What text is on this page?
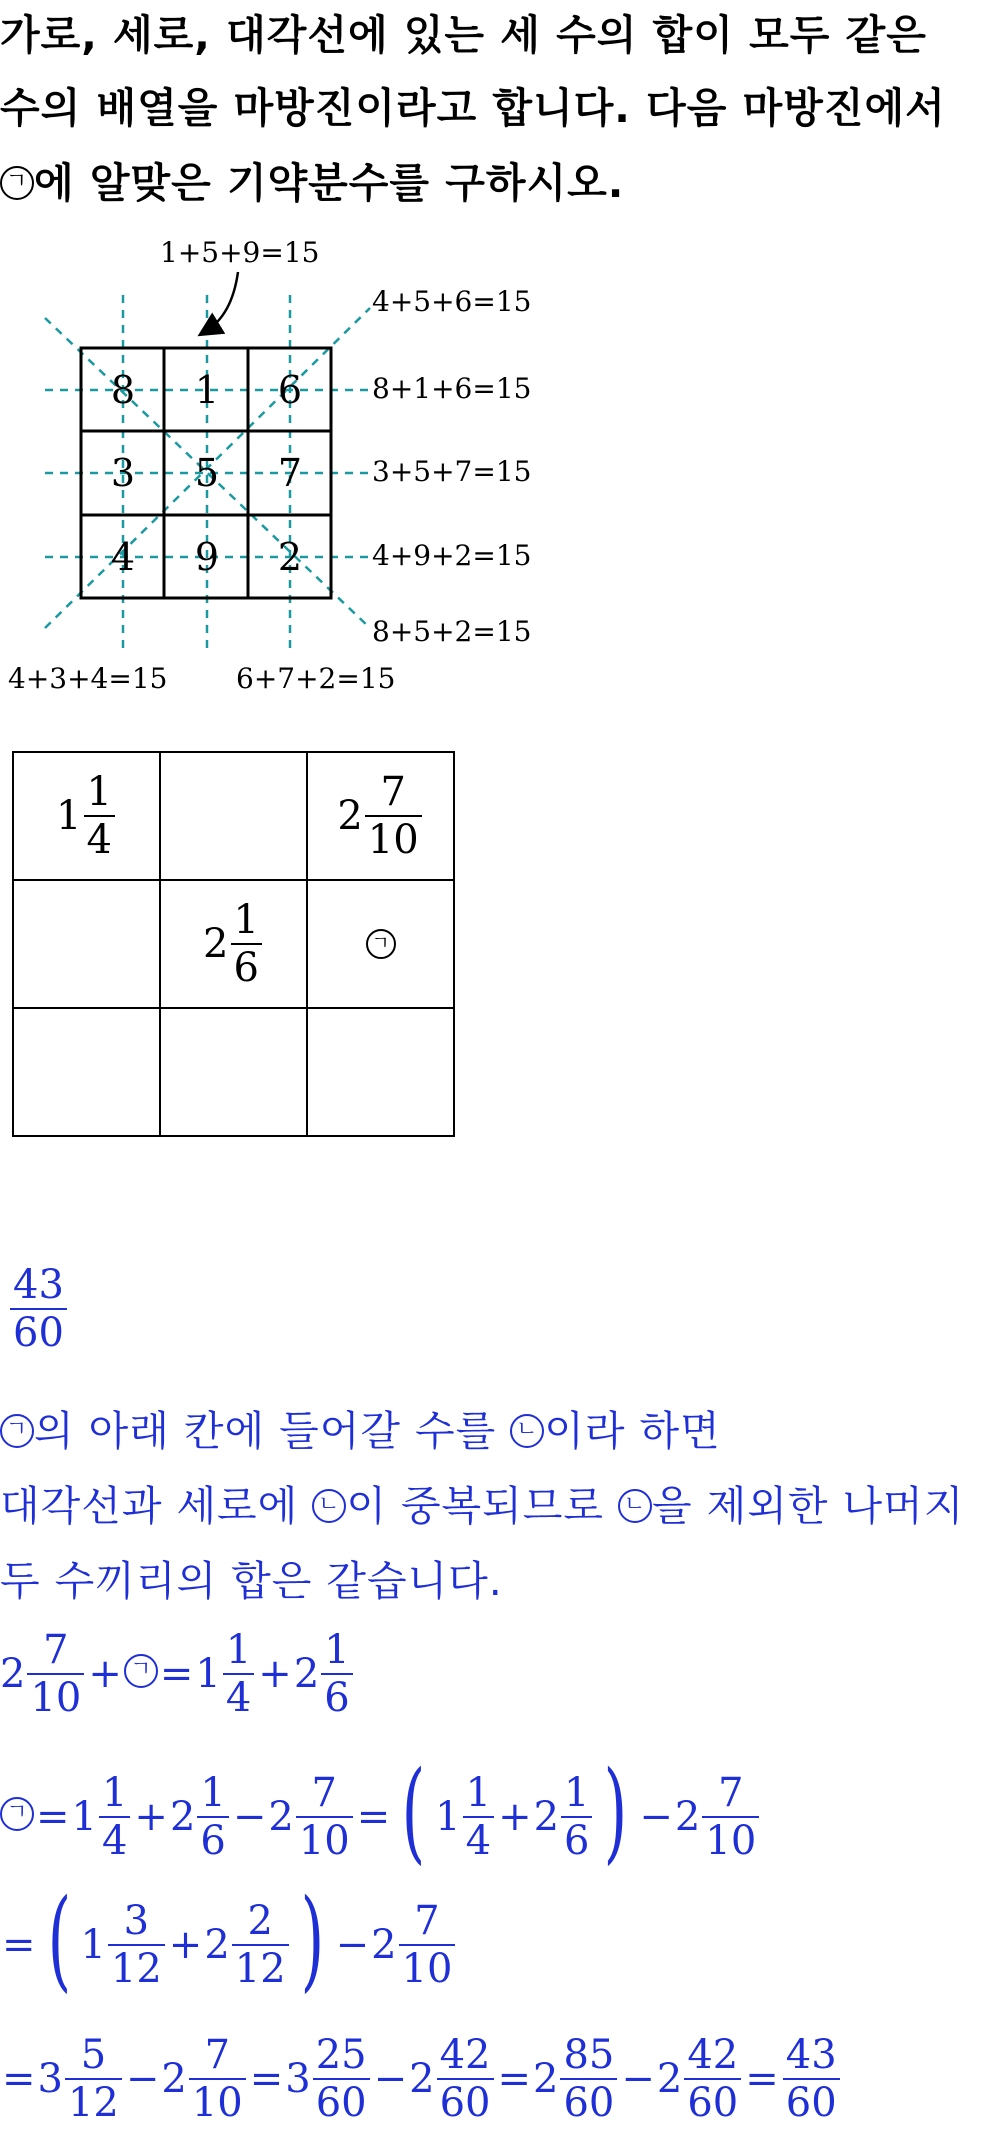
가로, 세로, 대각선에 있는 세 수의 합이 모두 같은
수의 배열을 마방진이라고 합니다. 다음 마방진에서
ㄱ 에 알맞은 기약분수를 구하시오.
8 1 6
3 5 7
4 9 2
1+5+9=15
4+5+6=15
8+1+6=15
3+5+7=15
4+9+2=15
8+5+2=15
4+3+4=15 6+7+2=15
$1 \frac{1}{4}$		$2 \frac{7}{10}$

	$2 \frac{1}{6}$	ㄱ

$\frac{43}{60}$
ㄱ 의 아래 칸에 들어갈 수를 ㄴ 이라 하면
대각선과 세로에 ㄴ 이 중복되므로 ㄴ 을 제외한 나머지
두 수끼리의 합은 같습니다.
$2 \frac{7}{10}$ + ㄱ = $1 \frac{1}{4} + 2 \frac{1}{6}$
ㄱ = $1 \frac{1}{4} + 2 \frac{1}{6} - 2 \frac{7}{10}$ = ( $1 \frac{1}{4} + 2 \frac{1}{6}$ ) − $2 \frac{7}{10}$
= ( $1 \frac{3}{12} + 2 \frac{2}{12}$ ) − $2 \frac{7}{10}$
= $3 \frac{5}{12} - 2 \frac{7}{10} = 3 \frac{25}{60} - 2 \frac{42}{60} = 2 \frac{85}{60} - 2 \frac{42}{60} = \frac{43}{60}$
